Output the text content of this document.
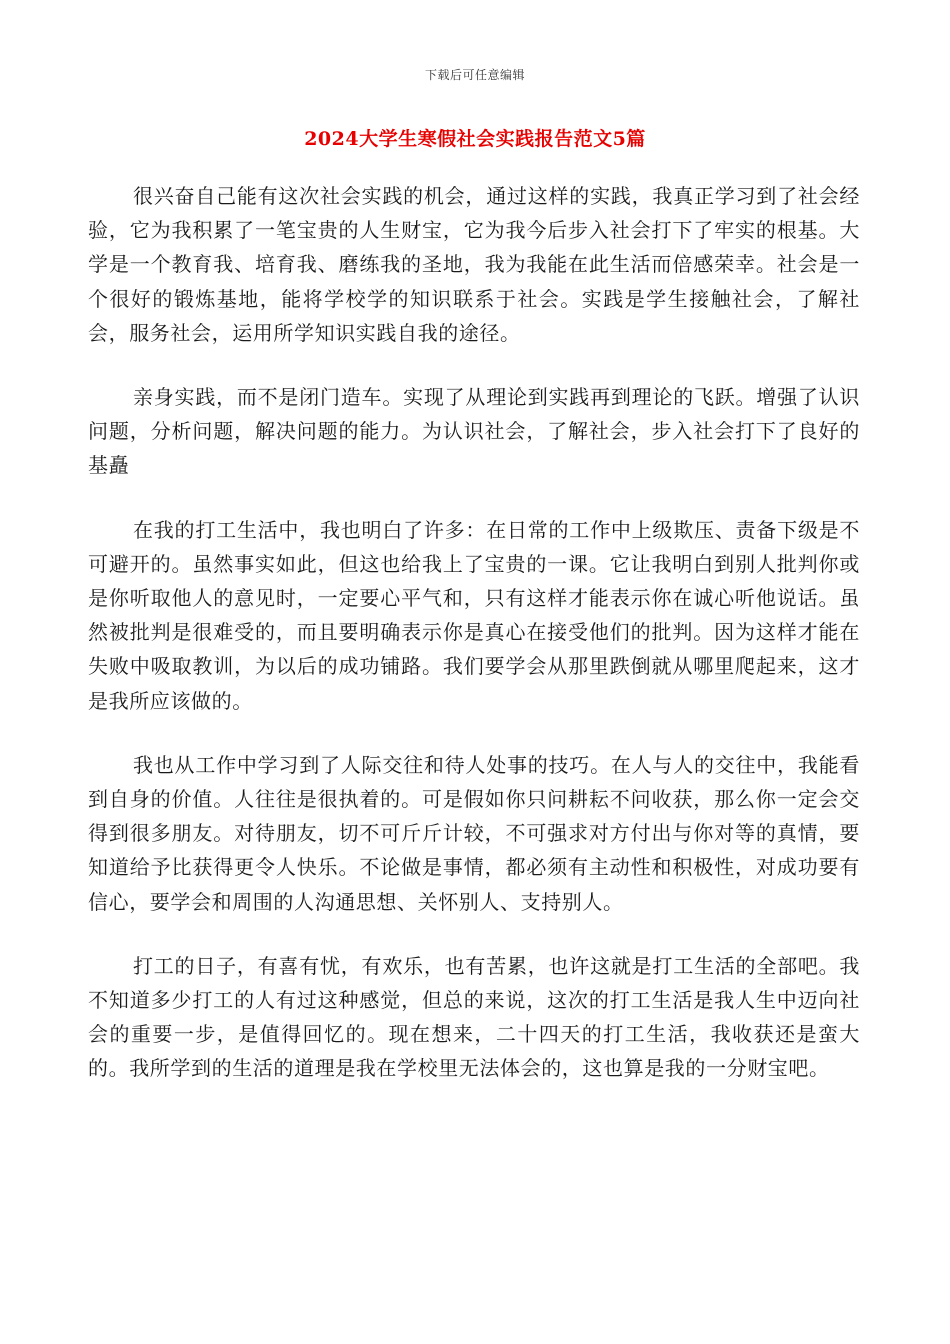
下载后可任意编辑
2024大学生寒假社会实践报告范文5篇

很兴奋自己能有这次社会实践的机会，通过这样的实践，我真正学习到了社会经验，它为我积累了一笔宝贵的人生财宝，它为我今后步入社会打下了牢实的根基。大学是一个教育我、培育我、磨练我的圣地，我为我能在此生活而倍感荣幸。社会是一个很好的锻炼基地，能将学校学的知识联系于社会。实践是学生接触社会，了解社会，服务社会，运用所学知识实践自我的途径。

亲身实践，而不是闭门造车。实现了从理论到实践再到理论的飞跃。增强了认识问题，分析问题，解决问题的能力。为认识社会，了解社会，步入社会打下了良好的基矗

在我的打工生活中，我也明白了许多：在日常的工作中上级欺压、责备下级是不可避开的。虽然事实如此，但这也给我上了宝贵的一课。它让我明白到别人批判你或是你听取他人的意见时，一定要心平气和，只有这样才能表示你在诚心听他说话。虽然被批判是很难受的，而且要明确表示你是真心在接受他们的批判。因为这样才能在失败中吸取教训，为以后的成功铺路。我们要学会从那里跌倒就从哪里爬起来，这才是我所应该做的。

我也从工作中学习到了人际交往和待人处事的技巧。在人与人的交往中，我能看到自身的价值。人往往是很执着的。可是假如你只问耕耘不问收获，那么你一定会交得到很多朋友。对待朋友，切不可斤斤计较，不可强求对方付出与你对等的真情，要知道给予比获得更令人快乐。不论做是事情，都必须有主动性和积极性，对成功要有信心，要学会和周围的人沟通思想、关怀别人、支持别人。

打工的日子，有喜有忧，有欢乐，也有苦累，也许这就是打工生活的全部吧。我不知道多少打工的人有过这种感觉，但总的来说，这次的打工生活是我人生中迈向社会的重要一步，是值得回忆的。现在想来，二十四天的打工生活，我收获还是蛮大的。我所学到的生活的道理是我在学校里无法体会的，这也算是我的一分财宝吧。
